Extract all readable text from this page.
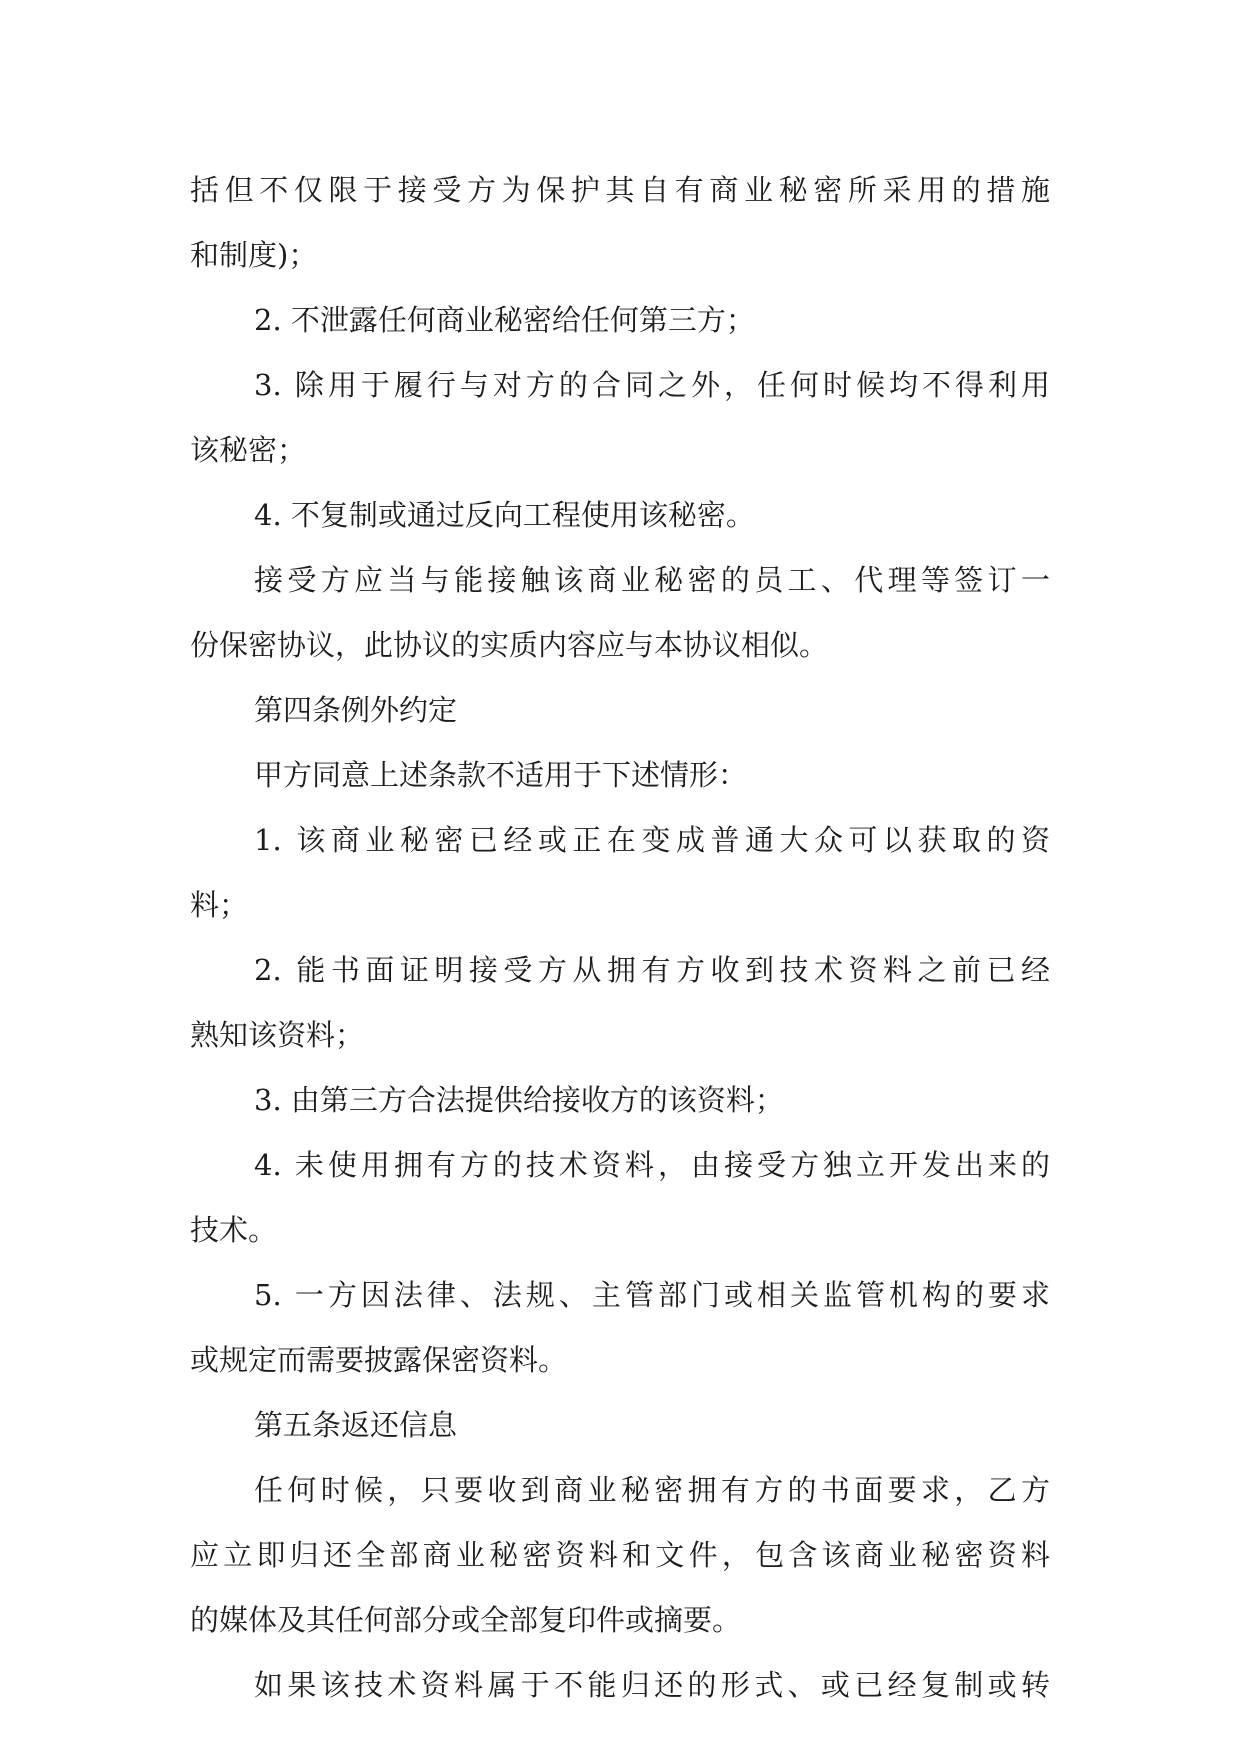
括但不仅限于接受方为保护其自有商业秘密所采用的措施
和制度)；
2. 不泄露任何商业秘密给任何第三方；
3. 除用于履行与对方的合同之外，任何时候均不得利用
该秘密；
4. 不复制或通过反向工程使用该秘密。
接受方应当与能接触该商业秘密的员工、代理等签订一
份保密协议，此协议的实质内容应与本协议相似。
第四条例外约定
甲方同意上述条款不适用于下述情形：
1. 该商业秘密已经或正在变成普通大众可以获取的资
料；
2. 能书面证明接受方从拥有方收到技术资料之前已经
熟知该资料；
3. 由第三方合法提供给接收方的该资料；
4. 未使用拥有方的技术资料，由接受方独立开发出来的
技术。
5. 一方因法律、法规、主管部门或相关监管机构的要求
或规定而需要披露保密资料。
第五条返还信息
任何时候，只要收到商业秘密拥有方的书面要求，乙方
应立即归还全部商业秘密资料和文件，包含该商业秘密资料
的媒体及其任何部分或全部复印件或摘要。
如果该技术资料属于不能归还的形式、或已经复制或转
